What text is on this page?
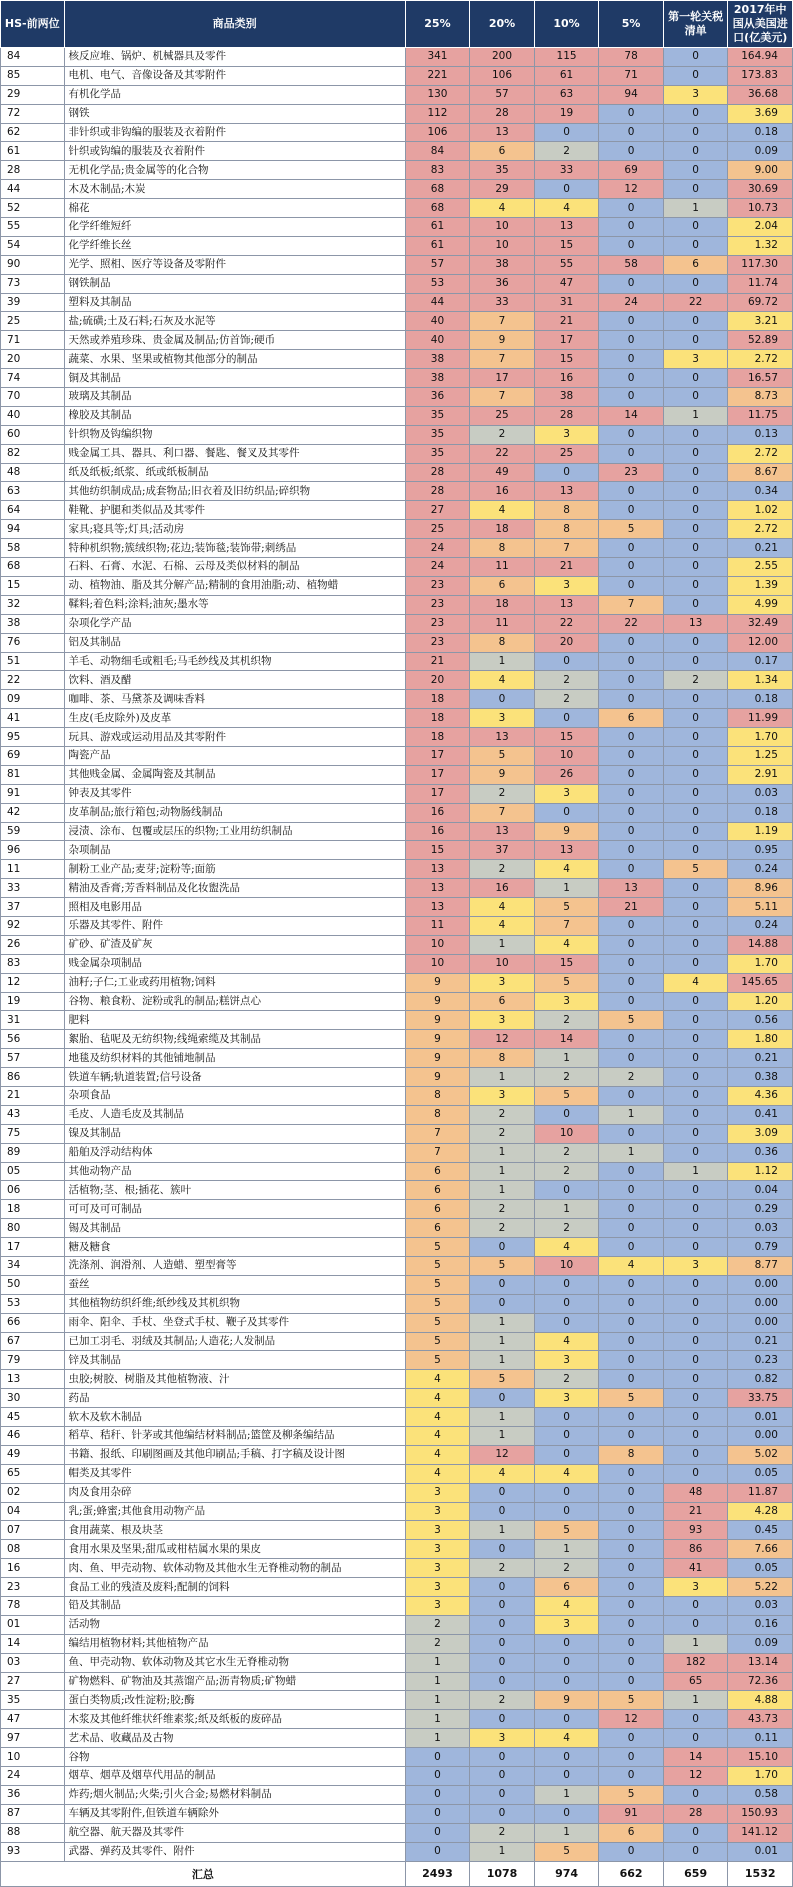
HS-前两位	商品类别	25%	20%	10%	5%	第一轮关税清单	2017年中国从美国进口(亿美元)
84	核反应堆、锅炉、机械器具及零件	341	200	115	78	0	164.94
85	电机、电气、音像设备及其零附件	221	106	61	71	0	173.83
29	有机化学品	130	57	63	94	3	36.68
72	钢铁	112	28	19	0	0	3.69
62	非针织或非钩编的服装及衣着附件	106	13	0	0	0	0.18
61	针织或钩编的服装及衣着附件	84	6	2	0	0	0.09
28	无机化学品;贵金属等的化合物	83	35	33	69	0	9.00
44	木及木制品;木炭	68	29	0	12	0	30.69
52	棉花	68	4	4	0	1	10.73
55	化学纤维短纤	61	10	13	0	0	2.04
54	化学纤维长丝	61	10	15	0	0	1.32
90	光学、照相、医疗等设备及零附件	57	38	55	58	6	117.30
73	钢铁制品	53	36	47	0	0	11.74
39	塑料及其制品	44	33	31	24	22	69.72
25	盐;硫磺;土及石料;石灰及水泥等	40	7	21	0	0	3.21
71	天然或养殖珍珠、贵金属及制品;仿首饰;硬币	40	9	17	0	0	52.89
20	蔬菜、水果、坚果或植物其他部分的制品	38	7	15	0	3	2.72
74	铜及其制品	38	17	16	0	0	16.57
70	玻璃及其制品	36	7	38	0	0	8.73
40	橡胶及其制品	35	25	28	14	1	11.75
60	针织物及钩编织物	35	2	3	0	0	0.13
82	贱金属工具、器具、利口器、餐匙、餐叉及其零件	35	22	25	0	0	2.72
48	纸及纸板;纸浆、纸或纸板制品	28	49	0	23	0	8.67
63	其他纺织制成品;成套物品;旧衣着及旧纺织品;碎织物	28	16	13	0	0	0.34
64	鞋靴、护腿和类似品及其零件	27	4	8	0	0	1.02
94	家具;寝具等;灯具;活动房	25	18	8	5	0	2.72
58	特种机织物;簇绒织物;花边;装饰毯;装饰带;刺绣品	24	8	7	0	0	0.21
68	石料、石膏、水泥、石棉、云母及类似材料的制品	24	11	21	0	0	2.55
15	动、植物油、脂及其分解产品;精制的食用油脂;动、植物蜡	23	6	3	0	0	1.39
32	鞣料;着色料;涂料;油灰;墨水等	23	18	13	7	0	4.99
38	杂项化学产品	23	11	22	22	13	32.49
76	铝及其制品	23	8	20	0	0	12.00
51	羊毛、动物细毛或粗毛;马毛纱线及其机织物	21	1	0	0	0	0.17
22	饮料、酒及醋	20	4	2	0	2	1.34
09	咖啡、茶、马黛茶及调味香料	18	0	2	0	0	0.18
41	生皮(毛皮除外)及皮革	18	3	0	6	0	11.99
95	玩具、游戏或运动用品及其零附件	18	13	15	0	0	1.70
69	陶瓷产品	17	5	10	0	0	1.25
81	其他贱金属、金属陶瓷及其制品	17	9	26	0	0	2.91
91	钟表及其零件	17	2	3	0	0	0.03
42	皮革制品;旅行箱包;动物肠线制品	16	7	0	0	0	0.18
59	浸渍、涂布、包覆或层压的织物;工业用纺织制品	16	13	9	0	0	1.19
96	杂项制品	15	37	13	0	0	0.95
11	制粉工业产品;麦芽;淀粉等;面筋	13	2	4	0	5	0.24
33	精油及香膏;芳香料制品及化妆盥洗品	13	16	1	13	0	8.96
37	照相及电影用品	13	4	5	21	0	5.11
92	乐器及其零件、附件	11	4	7	0	0	0.24
26	矿砂、矿渣及矿灰	10	1	4	0	0	14.88
83	贱金属杂项制品	10	10	15	0	0	1.70
12	油籽;子仁;工业或药用植物;饲料	9	3	5	0	4	145.65
19	谷物、粮食粉、淀粉或乳的制品;糕饼点心	9	6	3	0	0	1.20
31	肥料	9	3	2	5	0	0.56
56	絮胎、毡呢及无纺织物;线绳索缆及其制品	9	12	14	0	0	1.80
57	地毯及纺织材料的其他铺地制品	9	8	1	0	0	0.21
86	铁道车辆;轨道装置;信号设备	9	1	2	2	0	0.38
21	杂项食品	8	3	5	0	0	4.36
43	毛皮、人造毛皮及其制品	8	2	0	1	0	0.41
75	镍及其制品	7	2	10	0	0	3.09
89	船舶及浮动结构体	7	1	2	1	0	0.36
05	其他动物产品	6	1	2	0	1	1.12
06	活植物;茎、根;插花、簇叶	6	1	0	0	0	0.04
18	可可及可可制品	6	2	1	0	0	0.29
80	锡及其制品	6	2	2	0	0	0.03
17	糖及糖食	5	0	4	0	0	0.79
34	洗涤剂、润滑剂、人造蜡、塑型膏等	5	5	10	4	3	8.77
50	蚕丝	5	0	0	0	0	0.00
53	其他植物纺织纤维;纸纱线及其机织物	5	0	0	0	0	0.00
66	雨伞、阳伞、手杖、坐登式手杖、鞭子及其零件	5	1	0	0	0	0.00
67	已加工羽毛、羽绒及其制品;人造花;人发制品	5	1	4	0	0	0.21
79	锌及其制品	5	1	3	0	0	0.23
13	虫胶;树胶、树脂及其他植物液、汁	4	5	2	0	0	0.82
30	药品	4	0	3	5	0	33.75
45	软木及软木制品	4	1	0	0	0	0.01
46	稻草、秸秆、针茅或其他编结材料制品;篮筐及柳条编结品	4	1	0	0	0	0.00
49	书籍、报纸、印刷图画及其他印刷品;手稿、打字稿及设计图	4	12	0	8	0	5.02
65	帽类及其零件	4	4	4	0	0	0.05
02	肉及食用杂碎	3	0	0	0	48	11.87
04	乳;蛋;蜂蜜;其他食用动物产品	3	0	0	0	21	4.28
07	食用蔬菜、根及块茎	3	1	5	0	93	0.45
08	食用水果及坚果;甜瓜或柑桔属水果的果皮	3	0	1	0	86	7.66
16	肉、鱼、甲壳动物、软体动物及其他水生无脊椎动物的制品	3	2	2	0	41	0.05
23	食品工业的残渣及废料;配制的饲料	3	0	6	0	3	5.22
78	铅及其制品	3	0	4	0	0	0.03
01	活动物	2	0	3	0	0	0.16
14	编结用植物材料;其他植物产品	2	0	0	0	1	0.09
03	鱼、甲壳动物、软体动物及其它水生无脊椎动物	1	0	0	0	182	13.14
27	矿物燃料、矿物油及其蒸馏产品;沥青物质;矿物蜡	1	0	0	0	65	72.36
35	蛋白类物质;改性淀粉;胶;酶	1	2	9	5	1	4.88
47	木浆及其他纤维状纤维素浆;纸及纸板的废碎品	1	0	0	12	0	43.73
97	艺术品、收藏品及古物	1	3	4	0	0	0.11
10	谷物	0	0	0	0	14	15.10
24	烟草、烟草及烟草代用品的制品	0	0	0	0	12	1.70
36	炸药;烟火制品;火柴;引火合金;易燃材料制品	0	0	1	5	0	0.58
87	车辆及其零附件,但铁道车辆除外	0	0	0	91	28	150.93
88	航空器、航天器及其零件	0	2	1	6	0	141.12
93	武器、弹药及其零件、附件	0	1	5	0	0	0.01
汇总		2493	1078	974	662	659	1532
